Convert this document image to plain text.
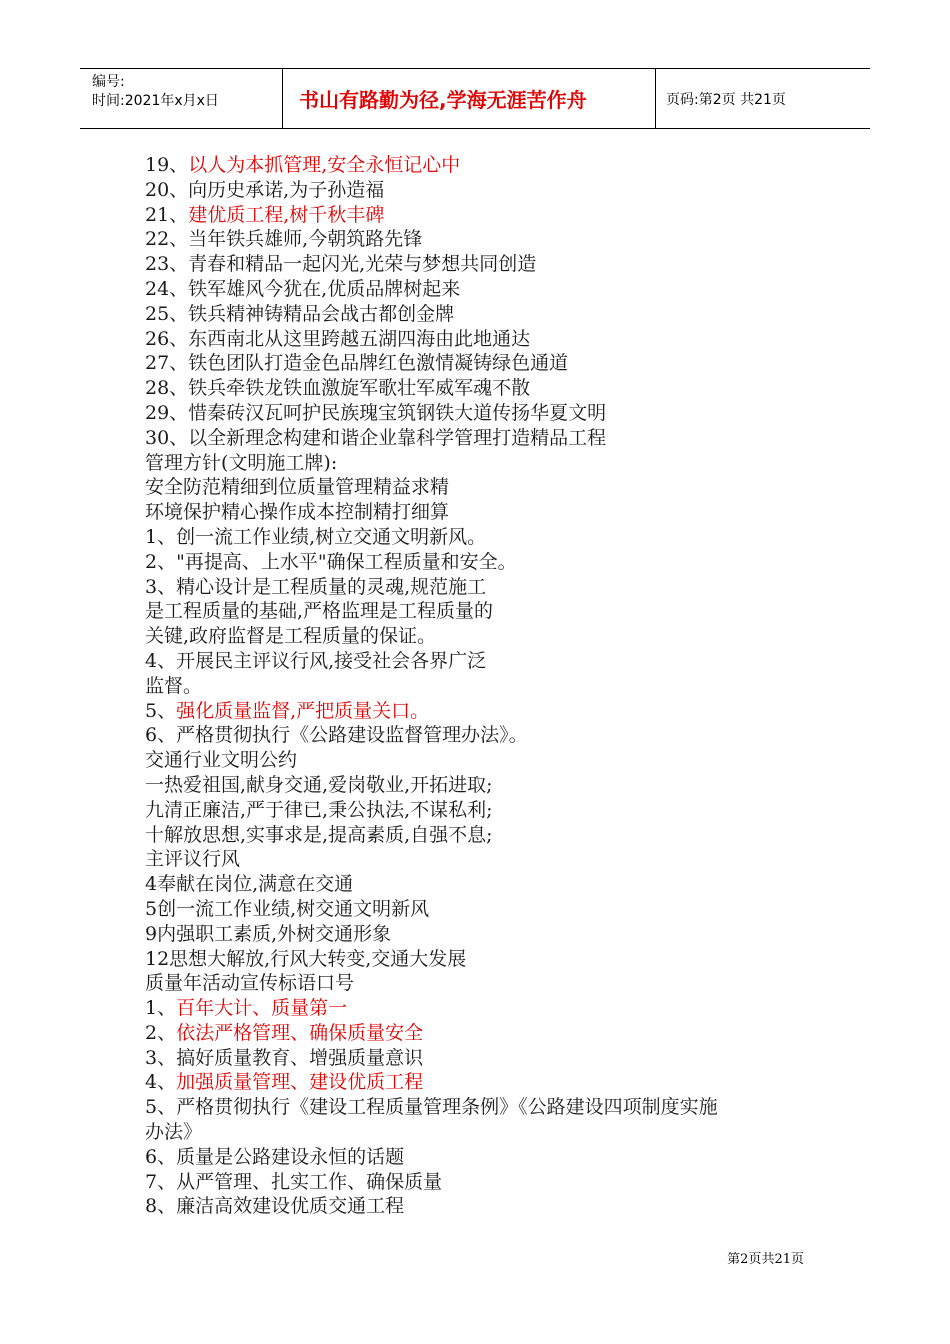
编号:
时间:2021年x月x日	书山有路勤为径,学海无涯苦作舟	页码:第2页 共21页
19、以人为本抓管理,安全永恒记心中
20、向历史承诺,为子孙造福
21、建优质工程,树千秋丰碑
22、当年铁兵雄师,今朝筑路先锋
23、青春和精品一起闪光,光荣与梦想共同创造
24、铁军雄风今犹在,优质品牌树起来
25、铁兵精神铸精品会战古都创金牌
26、东西南北从这里跨越五湖四海由此地通达
27、铁色团队打造金色品牌红色激情凝铸绿色通道
28、铁兵牵铁龙铁血激旋军歌壮军威军魂不散
29、惜秦砖汉瓦呵护民族瑰宝筑钢铁大道传扬华夏文明
30、以全新理念构建和谐企业靠科学管理打造精品工程
管理方针(文明施工牌):
安全防范精细到位质量管理精益求精
环境保护精心操作成本控制精打细算
1、创一流工作业绩,树立交通文明新风。
2、"再提高、上水平"确保工程质量和安全。
3、精心设计是工程质量的灵魂,规范施工
是工程质量的基础,严格监理是工程质量的
关键,政府监督是工程质量的保证。
4、开展民主评议行风,接受社会各界广泛
监督。
5、强化质量监督,严把质量关口。
6、严格贯彻执行《公路建设监督管理办法》。
交通行业文明公约
一热爱祖国,献身交通,爱岗敬业,开拓进取;
九清正廉洁,严于律已,秉公执法,不谋私利;
十解放思想,实事求是,提高素质,自强不息;
主评议行风
4奉献在岗位,满意在交通
5创一流工作业绩,树交通文明新风
9内强职工素质,外树交通形象
12思想大解放,行风大转变,交通大发展
质量年活动宣传标语口号
1、百年大计、质量第一
2、依法严格管理、确保质量安全
3、搞好质量教育、增强质量意识
4、加强质量管理、建设优质工程
5、严格贯彻执行《建设工程质量管理条例》《公路建设四项制度实施
办法》
6、质量是公路建设永恒的话题
7、从严管理、扎实工作、确保质量
8、廉洁高效建设优质交通工程
第2页共21页
